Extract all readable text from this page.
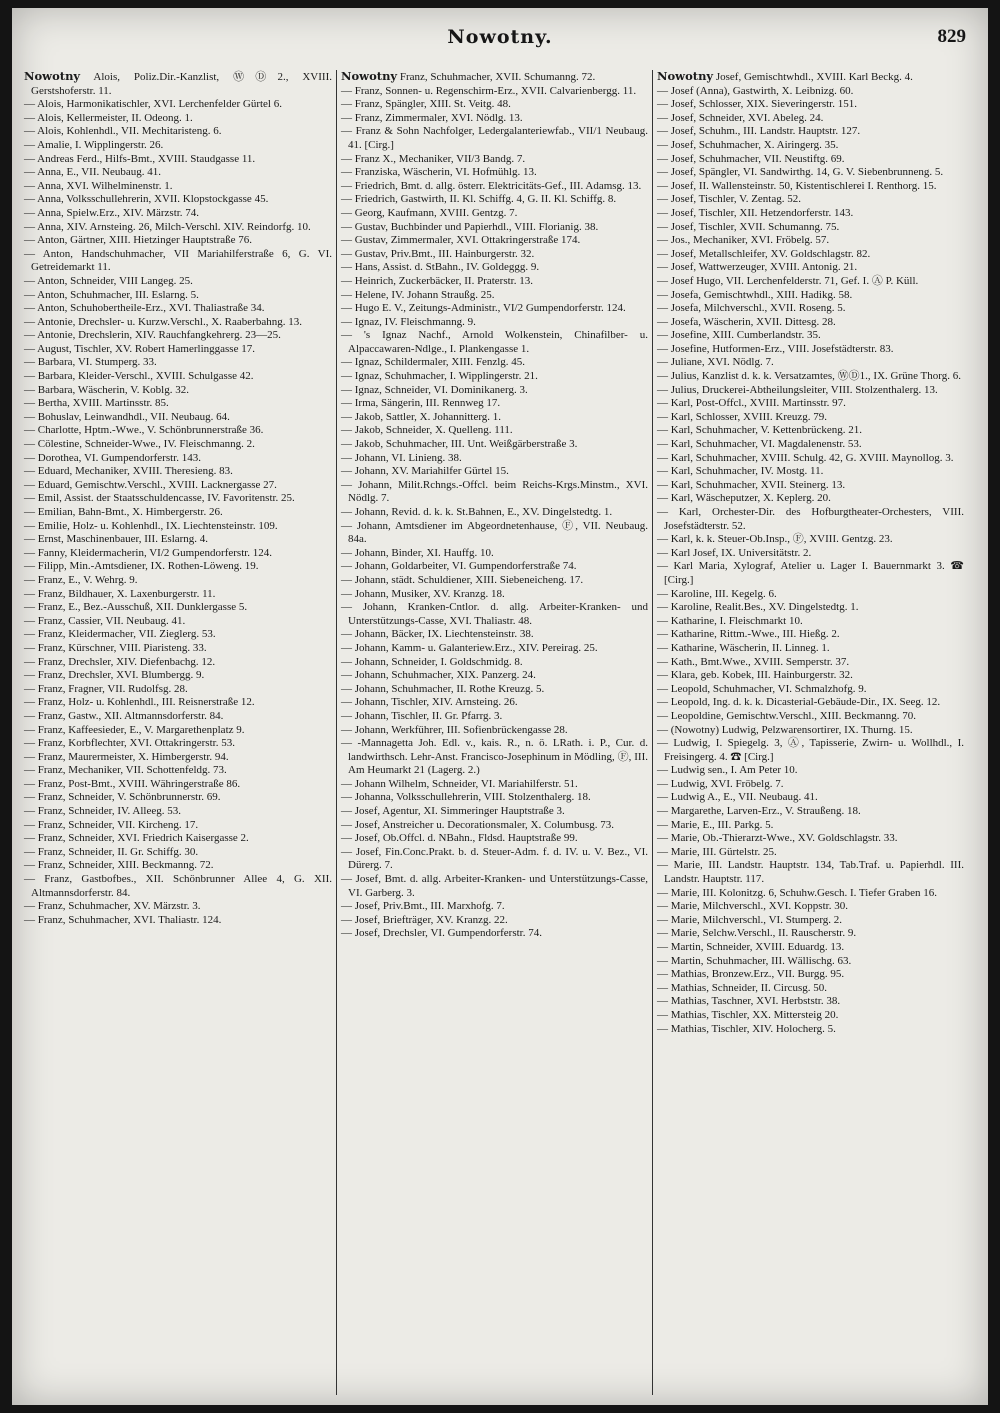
Nowotny.	829

Nowotny Alois, Poliz.Dir.-Kanzlist, ⓌⒹ2., XVIII. Gerstshoferstr. 11.

— Alois, Harmonikatischler, XVI. Lerchenfelder Gürtel 6.

— Alois, Kellermeister, II. Odeong. 1.

— Alois, Kohlenhdl., VII. Mechitaristeng. 6.

— Amalie, I. Wipplingerstr. 26.

— Andreas Ferd., Hilfs-Bmt., XVIII. Staudgasse 11.

— Anna, E., VII. Neubaug. 41.

— Anna, XVI. Wilhelminenstr. 1.

— Anna, Volksschullehrerin, XVII. Klopstockgasse 45.

— Anna, Spielw.Erz., XIV. Märzstr. 74.

— Anna, XIV. Arnsteing. 26, Milch-Verschl. XIV. Reindorfg. 10.

— Anton, Gärtner, XIII. Hietzinger Hauptstraße 76.

— Anton, Handschuhmacher, VII Mariahilferstraße 6, G. VI. Getreidemarkt 11.

— Anton, Schneider, VIII Langeg. 25.

— Anton, Schuhmacher, III. Eslarng. 5.

— Anton, Schuhobertheile-Erz., XVI. Thaliastraße 34.

— Antonie, Drechsler- u. Kurzw.Verschl., X. Raaberbahng. 13.

— Antonie, Drechslerin, XIV. Rauchfangkehrerg. 23—25.

— August, Tischler, XV. Robert Hamerlinggasse 17.

— Barbara, VI. Stumperg. 33.

— Barbara, Kleider-Verschl., XVIII. Schulgasse 42.

— Barbara, Wäscherin, V. Koblg. 32.

— Bertha, XVIII. Martinsstr. 85.

— Bohuslav, Leinwandhdl., VII. Neubaug. 64.

— Charlotte, Hptm.-Wwe., V. Schönbrunnerstraße 36.

— Cölestine, Schneider-Wwe., IV. Fleischmanng. 2.

— Dorothea, VI. Gumpendorferstr. 143.

— Eduard, Mechaniker, XVIII. Theresieng. 83.

— Eduard, Gemischtw.Verschl., XVIII. Lacknergasse 27.

— Emil, Assist. der Staatsschuldencasse, IV. Favoritenstr. 25.

— Emilian, Bahn-Bmt., X. Himbergerstr. 26.

— Emilie, Holz- u. Kohlenhdl., IX. Liechtensteinstr. 109.

— Ernst, Maschinenbauer, III. Eslarng. 4.

— Fanny, Kleidermacherin, VI/2 Gumpendorferstr. 124.

— Filipp, Min.-Amtsdiener, IX. Rothen-Löweng. 19.

— Franz, E., V. Wehrg. 9.

— Franz, Bildhauer, X. Laxenburgerstr. 11.

— Franz, E., Bez.-Ausschuß, XII. Dunklergasse 5.

— Franz, Cassier, VII. Neubaug. 41.

— Franz, Kleidermacher, VII. Zieglerg. 53.

— Franz, Kürschner, VIII. Piaristeng. 33.

— Franz, Drechsler, XIV. Diefenbachg. 12.

— Franz, Drechsler, XVI. Blumbergg. 9.

— Franz, Fragner, VII. Rudolfsg. 28.

— Franz, Holz- u. Kohlenhdl., III. Reisnerstraße 12.

— Franz, Gastw., XII. Altmannsdorferstr. 84.

— Franz, Kaffeesieder, E., V. Margarethenplatz 9.

— Franz, Korbflechter, XVI. Ottakringerstr. 53.

— Franz, Maurermeister, X. Himbergerstr. 94.

— Franz, Mechaniker, VII. Schottenfeldg. 73.

— Franz, Post-Bmt., XVIII. Währingerstraße 86.

— Franz, Schneider, V. Schönbrunnerstr. 69.

— Franz, Schneider, IV. Alleeg. 53.

— Franz, Schneider, VII. Kircheng. 17.

— Franz, Schneider, XVI. Friedrich Kaisergasse 2.

— Franz, Schneider, II. Gr. Schiffg. 30.

— Franz, Schneider, XIII. Beckmanng. 72.

— Franz, Gastbofbes., XII. Schönbrunner Allee 4, G. XII. Altmannsdorferstr. 84.

— Franz, Schuhmacher, XV. Märzstr. 3.

— Franz, Schuhmacher, XVI. Thaliastr. 124.

Nowotny Franz, Schuhmacher, XVII. Schumanng. 72.

— Franz, Sonnen- u. Regenschirm-Erz., XVII. Calvarienbergg. 11.

— Franz, Spängler, XIII. St. Veitg. 48.

— Franz, Zimmermaler, XVI. Nödlg. 13.

— Franz & Sohn Nachfolger, Ledergalanteriewfab., VII/1 Neubaug. 41. [Cirg.]

— Franz X., Mechaniker, VII/3 Bandg. 7.

— Franziska, Wäscherin, VI. Hofmühlg. 13.

— Friedrich, Bmt. d. allg. österr. Elektricitäts-Gef., III. Adamsg. 13.

— Friedrich, Gastwirth, II. Kl. Schiffg. 4, G. II. Kl. Schiffg. 8.

— Georg, Kaufmann, XVIII. Gentzg. 7.

— Gustav, Buchbinder und Papierhdl., VIII. Florianig. 38.

— Gustav, Zimmermaler, XVI. Ottakringerstraße 174.

— Gustav, Priv.Bmt., III. Hainburgerstr. 32.

— Hans, Assist. d. StBahn., IV. Goldeggg. 9.

— Heinrich, Zuckerbäcker, II. Praterstr. 13.

— Helene, IV. Johann Straußg. 25.

— Hugo E. V., Zeitungs-Administr., VI/2 Gumpendorferstr. 124.

— Ignaz, IV. Fleischmanng. 9.

— 's Ignaz Nachf., Arnold Wolkenstein, Chinafilber- u. Alpaccawaren-Ndlge., I. Plankengasse 1.

— Ignaz, Schildermaler, XIII. Fenzlg. 45.

— Ignaz, Schuhmacher, I. Wipplingerstr. 21.

— Ignaz, Schneider, VI. Dominikanerg. 3.

— Irma, Sängerin, III. Rennweg 17.

— Jakob, Sattler, X. Johannitterg. 1.

— Jakob, Schneider, X. Quelleng. 111.

— Jakob, Schuhmacher, III. Unt. Weißgärberstraße 3.

— Johann, VI. Linieng. 38.

— Johann, XV. Mariahilfer Gürtel 15.

— Johann, Milit.Rchngs.-Offcl. beim Reichs-Krgs.Minstm., XVI. Nödlg. 7.

— Johann, Revid. d. k. k. St.Bahnen, E., XV. Dingelstedtg. 1.

— Johann, Amtsdiener im Abgeordnetenhause, Ⓕ, VII. Neubaug. 84a.

— Johann, Binder, XI. Hauffg. 10.

— Johann, Goldarbeiter, VI. Gumpendorferstraße 74.

— Johann, städt. Schuldiener, XIII. Siebeneicheng. 17.

— Johann, Musiker, XV. Kranzg. 18.

— Johann, Kranken-Cntlor. d. allg. Arbeiter-Kranken- und Unterstützungs-Casse, XVI. Thaliastr. 48.

— Johann, Bäcker, IX. Liechtensteinstr. 38.

— Johann, Kamm- u. Galanteriew.Erz., XIV. Pereirag. 25.

— Johann, Schneider, I. Goldschmidg. 8.

— Johann, Schuhmacher, XIX. Panzerg. 24.

— Johann, Schuhmacher, II. Rothe Kreuzg. 5.

— Johann, Tischler, XIV. Arnsteing. 26.

— Johann, Tischler, II. Gr. Pfarrg. 3.

— Johann, Werkführer, III. Sofienbrückengasse 28.

— -Mannagetta Joh. Edl. v., kais. R., n. ö. LRath. i. P., Cur. d. landwirthsch. Lehr-Anst. Francisco-Josephinum in Mödling, Ⓕ, III. Am Heumarkt 21 (Lagerg. 2.)

— Johann Wilhelm, Schneider, VI. Mariahilferstr. 51.

— Johanna, Volksschullehrerin, VIII. Stolzenthalerg. 18.

— Josef, Agentur, XI. Simmeringer Hauptstraße 3.

— Josef, Anstreicher u. Decorationsmaler, X. Columbusg. 73.

— Josef, Ob.Offcl. d. NBahn., Fldsd. Hauptstraße 99.

— Josef, Fin.Conc.Prakt. b. d. Steuer-Adm. f. d. IV. u. V. Bez., VI. Dürerg. 7.

— Josef, Bmt. d. allg. Arbeiter-Kranken- und Unterstützungs-Casse, VI. Garberg. 3.

— Josef, Priv.Bmt., III. Marxhofg. 7.

— Josef, Briefträger, XV. Kranzg. 22.

— Josef, Drechsler, VI. Gumpendorferstr. 74.

Nowotny Josef, Gemischtwhdl., XVIII. Karl Beckg. 4.

— Josef (Anna), Gastwirth, X. Leibnizg. 60.

— Josef, Schlosser, XIX. Sieveringerstr. 151.

— Josef, Schneider, XVI. Abeleg. 24.

— Josef, Schuhm., III. Landstr. Hauptstr. 127.

— Josef, Schuhmacher, X. Airingerg. 35.

— Josef, Schuhmacher, VII. Neustiftg. 69.

— Josef, Spängler, VI. Sandwirthg. 14, G. V. Siebenbrunneng. 5.

— Josef, II. Wallensteinstr. 50, Kistentischlerei I. Renthorg. 15.

— Josef, Tischler, V. Zentag. 52.

— Josef, Tischler, XII. Hetzendorferstr. 143.

— Josef, Tischler, XVII. Schumanng. 75.

— Jos., Mechaniker, XVI. Fröbelg. 57.

— Josef, Metallschleifer, XV. Goldschlagstr. 82.

— Josef, Wattwerzeuger, XVIII. Antonig. 21.

— Josef Hugo, VII. Lerchenfelderstr. 71, Gef. I. Ⓐ P. Küll.

— Josefa, Gemischtwhdl., XIII. Hadikg. 58.

— Josefa, Milchverschl., XVII. Roseng. 5.

— Josefa, Wäscherin, XVII. Dittesg. 28.

— Josefine, XIII. Cumberlandstr. 35.

— Josefine, Hutformen-Erz., VIII. Josefstädterstr. 83.

— Juliane, XVI. Nödlg. 7.

— Julius, Kanzlist d. k. k. Versatzamtes, ⓌⒹ1., IX. Grüne Thorg. 6.

— Julius, Druckerei-Abtheilungsleiter, VIII. Stolzenthalerg. 13.

— Karl, Post-Offcl., XVIII. Martinsstr. 97.

— Karl, Schlosser, XVIII. Kreuzg. 79.

— Karl, Schuhmacher, V. Kettenbrückeng. 21.

— Karl, Schuhmacher, VI. Magdalenenstr. 53.

— Karl, Schuhmacher, XVIII. Schulg. 42, G. XVIII. Maynollog. 3.

— Karl, Schuhmacher, IV. Mostg. 11.

— Karl, Schuhmacher, XVII. Steinerg. 13.

— Karl, Wäscheputzer, X. Keplerg. 20.

— Karl, Orchester-Dir. des Hofburgtheater-Orchesters, VIII. Josefstädterstr. 52.

— Karl, k. k. Steuer-Ob.Insp., Ⓕ, XVIII. Gentzg. 23.

— Karl Josef, IX. Universitätstr. 2.

— Karl Maria, Xylograf, Atelier u. Lager I. Bauernmarkt 3. ☎ [Cirg.]

— Karoline, III. Kegelg. 6.

— Karoline, Realit.Bes., XV. Dingelstedtg. 1.

— Katharine, I. Fleischmarkt 10.

— Katharine, Rittm.-Wwe., III. Hießg. 2.

— Katharine, Wäscherin, II. Linneg. 1.

— Kath., Bmt.Wwe., XVIII. Semperstr. 37.

— Klara, geb. Kobek, III. Hainburgerstr. 32.

— Leopold, Schuhmacher, VI. Schmalzhofg. 9.

— Leopold, Ing. d. k. k. Dicasterial-Gebäude-Dir., IX. Seeg. 12.

— Leopoldine, Gemischtw.Verschl., XIII. Beckmanng. 70.

— (Nowotny) Ludwig, Pelzwarensortirer, IX. Thurng. 15.

— Ludwig, I. Spiegelg. 3, Ⓐ, Tapisserie, Zwirn- u. Wollhdl., I. Freisingerg. 4. ☎ [Cirg.]

— Ludwig sen., I. Am Peter 10.

— Ludwig, XVI. Fröbelg. 7.

— Ludwig A., E., VII. Neubaug. 41.

— Margarethe, Larven-Erz., V. Straußeng. 18.

— Marie, E., III. Parkg. 5.

— Marie, Ob.-Thierarzt-Wwe., XV. Goldschlagstr. 33.

— Marie, III. Gürtelstr. 25.

— Marie, III. Landstr. Hauptstr. 134, Tab.Traf. u. Papierhdl. III. Landstr. Hauptstr. 117.

— Marie, III. Kolonitzg. 6, Schuhw.Gesch. I. Tiefer Graben 16.

— Marie, Milchverschl., XVI. Koppstr. 30.

— Marie, Milchverschl., VI. Stumperg. 2.

— Marie, Selchw.Verschl., II. Rauscherstr. 9.

— Martin, Schneider, XVIII. Eduardg. 13.

— Martin, Schuhmacher, III. Wällischg. 63.

— Mathias, Bronzew.Erz., VII. Burgg. 95.

— Mathias, Schneider, II. Circusg. 50.

— Mathias, Taschner, XVI. Herbststr. 38.

— Mathias, Tischler, XX. Mittersteig 20.

— Mathias, Tischler, XIV. Holocherg. 5.
